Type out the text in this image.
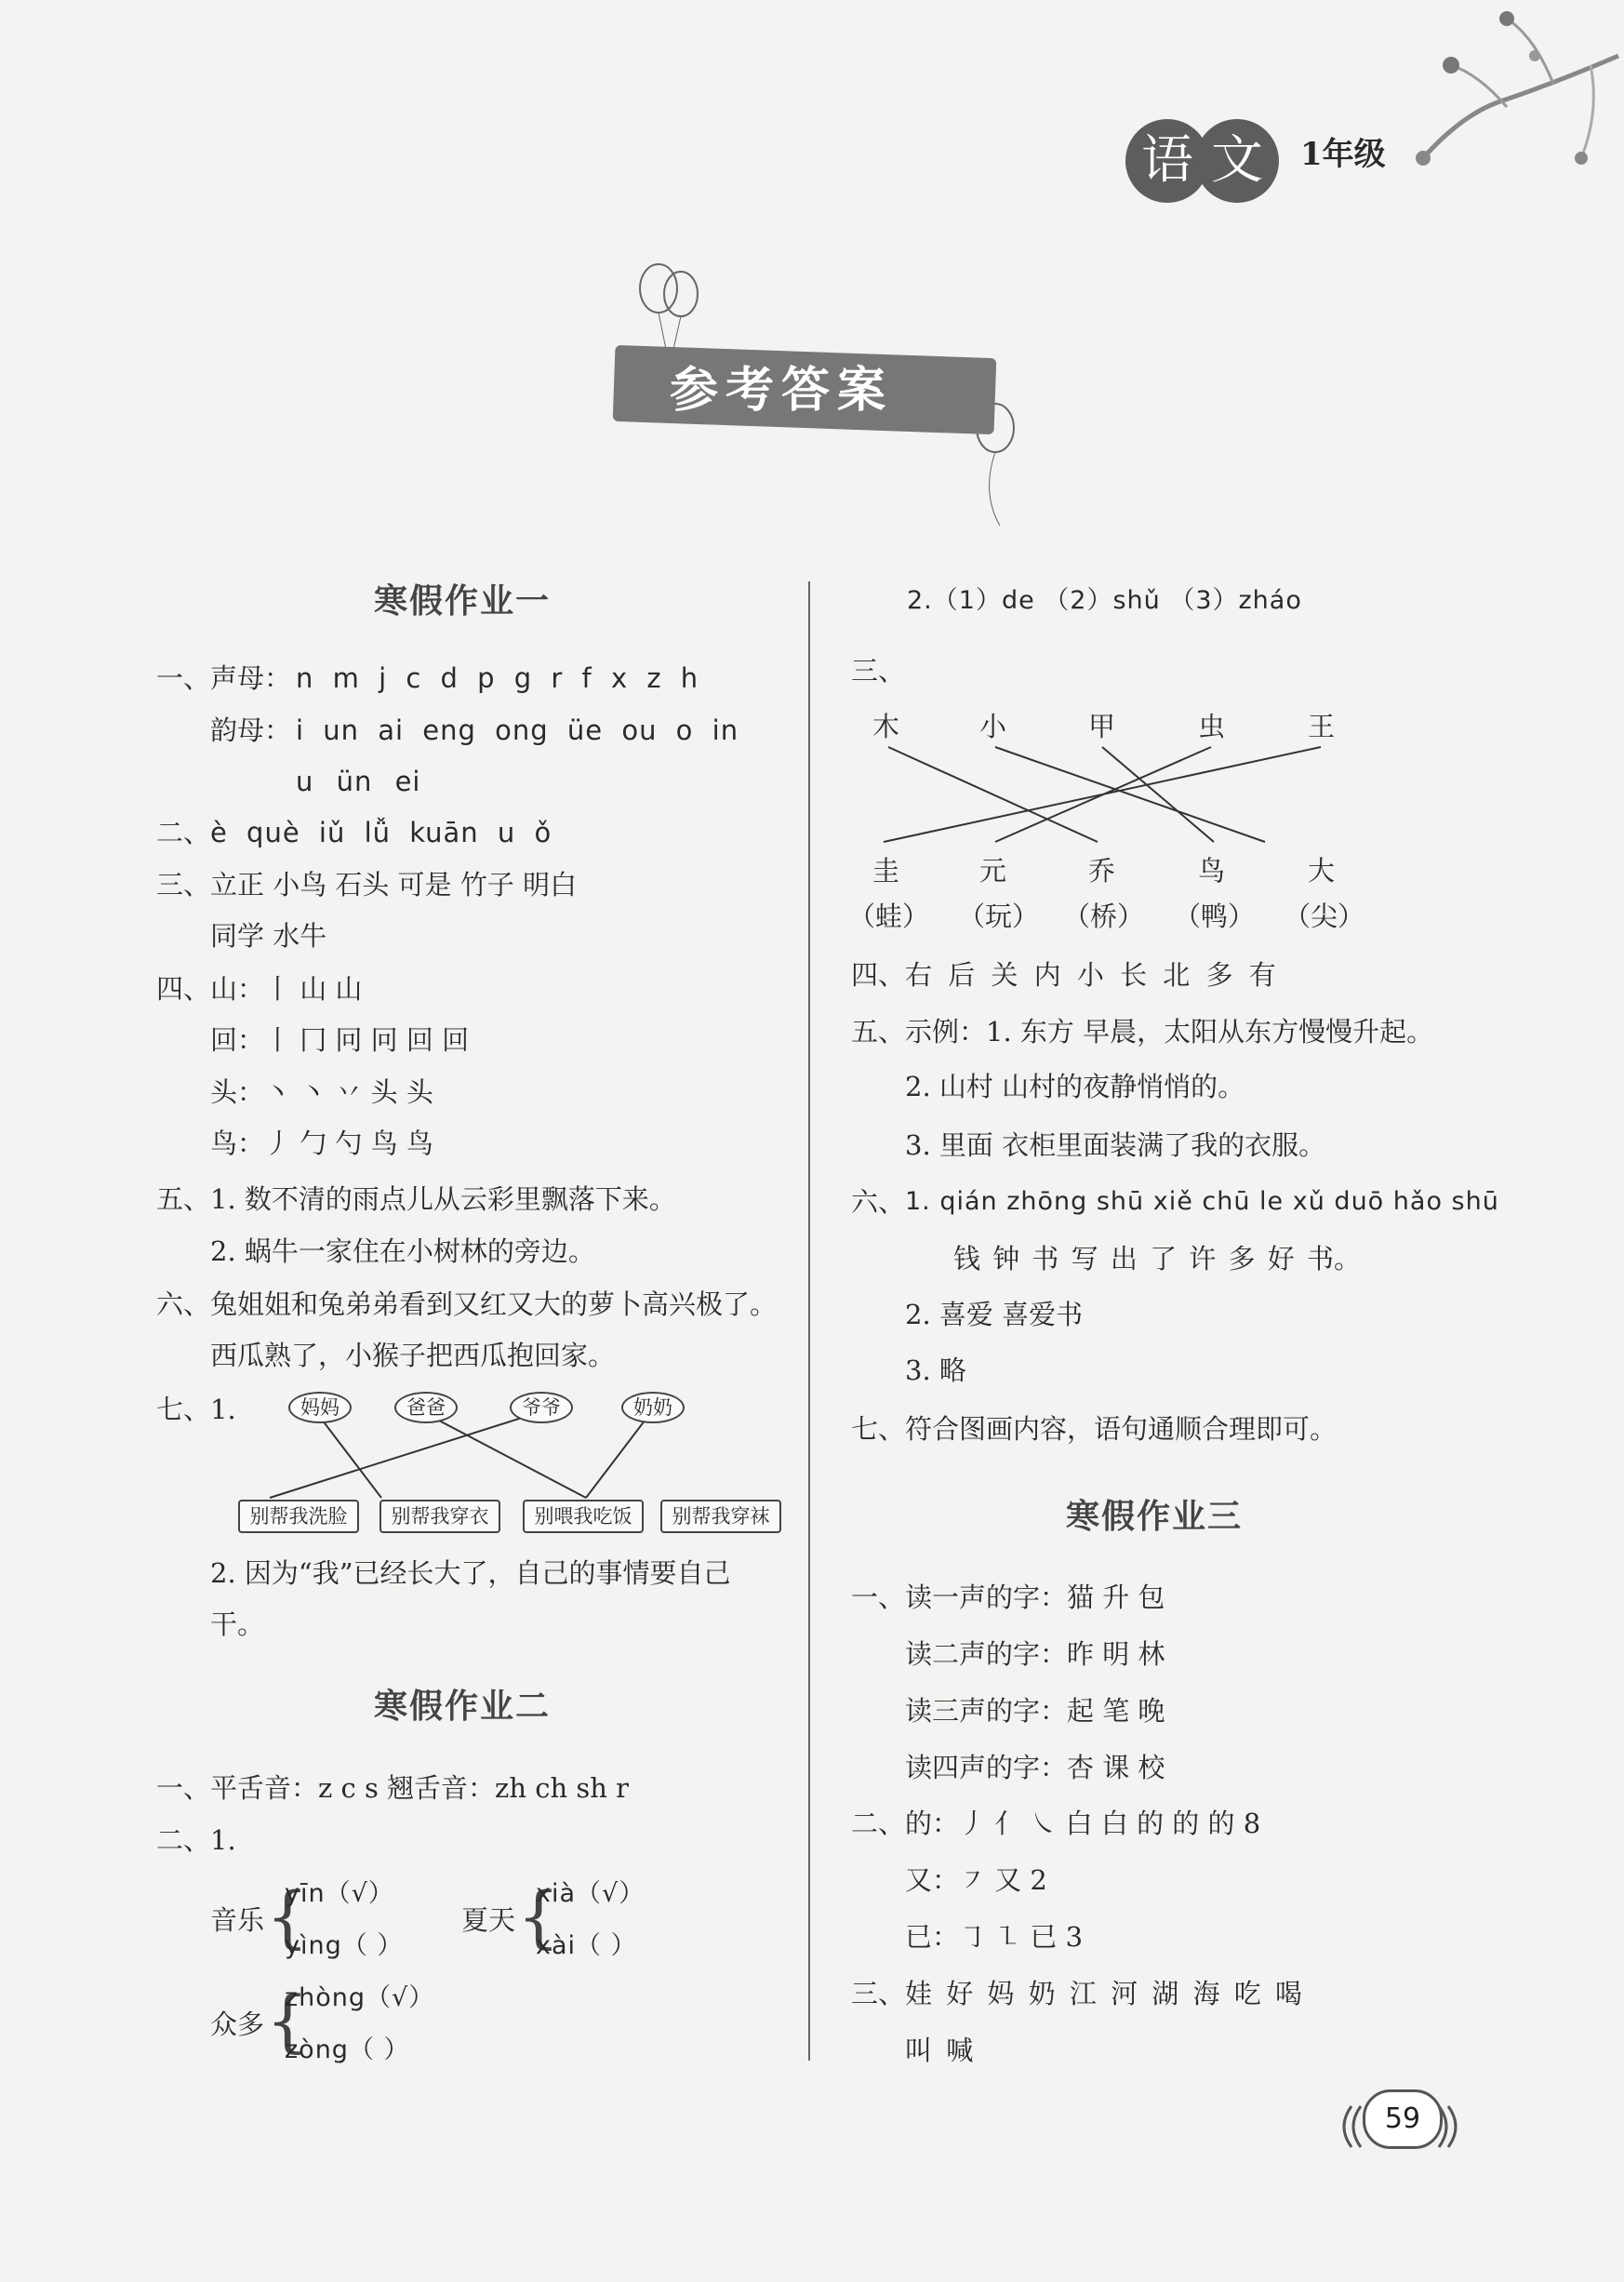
语 文	1年级
参考答案
寒假作业一
一、 声母： n m j c d p g r f x z h
韵母： i un ai eng ong üe ou o in
u ün ei
二、 è què iǔ lǚ kuān u ǒ
三、 立正 小鸟 石头 可是 竹子 明白
同学 水牛
四、 山：丨 山 山
回：丨 冂 冋 冋 回 回
头：丶 丶 丷 头 头
鸟：丿 勹 勺 鸟 鸟
五、 1. 数不清的雨点儿从云彩里飘落下来。
2. 蜗牛一家住在小树林的旁边。
六、 兔姐姐和兔弟弟看到又红又大的萝卜高兴极了。
西瓜熟了，小猴子把西瓜抱回家。
七、 1.	妈妈	爸爸	爷爷	奶奶
别帮我洗脸	别帮我穿衣	别喂我吃饭	别帮我穿袜
2. 因为“我”已经长大了，自己的事情要自己
干。
寒假作业二
一、 平舌音：z c s 翘舌音：zh ch sh r
二、 1.
音乐 {
yīn（√）
yìng（ ）
夏天 {
xià（√）
xài（ ）
众多 {
zhòng（√）
zòng（ ）
2.（1）de （2）shǔ （3）zháo
三、
木	小	甲	虫	王
圭	元	乔	鸟	大
（蛙） （玩） （桥） （鸭） （尖）
四、 右 后 关 内 小 长 北 多 有
五、 示例：1. 东方 早晨，太阳从东方慢慢升起。
2. 山村 山村的夜静悄悄的。
3. 里面 衣柜里面装满了我的衣服。
六、 1. qián zhōng shū xiě chū le xǔ duō hǎo shū
钱 钟 书 写 出 了 许 多 好 书。
2. 喜爱 喜爱书
3. 略
七、 符合图画内容，语句通顺合理即可。
寒假作业三
一、 读一声的字：猫 升 包
读二声的字：昨 明 林
读三声的字：起 笔 晚
读四声的字：杏 课 校
二、 的：丿 亻 ㇏ 白 白 的 的 的 8
又：㇇ 又 2
已：㇆ ㇅ 已 3
三、 娃 好 妈 奶 江 河 湖 海 吃 喝
叫 喊
59
